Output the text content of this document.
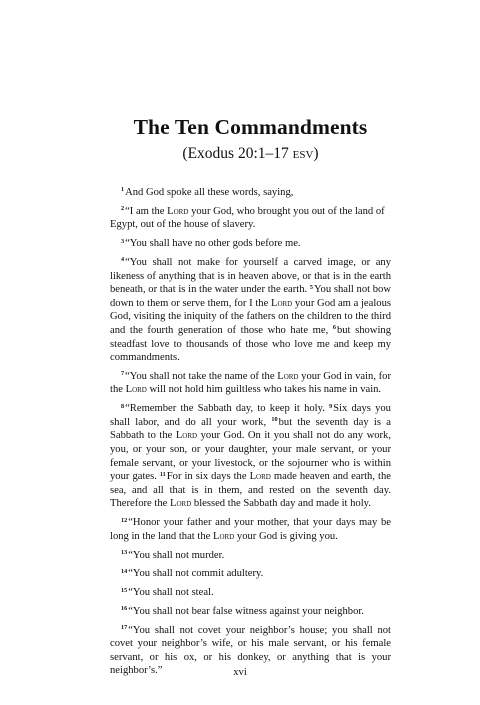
The Ten Commandments

(Exodus 20:1–17 esv)

$^1$And God spoke all these words, saying,

$^2$“I am the Lord your God, who brought you out of the land of Egypt, out of the house of slavery.

$^3$“You shall have no other gods before me.

$^4$“You shall not make for yourself a carved image, or any likeness of anything that is in heaven above, or that is in the earth beneath, or that is in the water under the earth. $^5$You shall not bow down to them or serve them, for I the Lord your God am a jealous God, visiting the iniquity of the fathers on the children to the third and the fourth generation of those who hate me, $^6$but showing steadfast love to thousands of those who love me and keep my commandments.

$^7$“You shall not take the name of the Lord your God in vain, for the Lord will not hold him guiltless who takes his name in vain.

$^8$“Remember the Sabbath day, to keep it holy. $^9$Six days you shall labor, and do all your work, $^{10}$but the seventh day is a Sabbath to the Lord your God. On it you shall not do any work, you, or your son, or your daughter, your male servant, or your female servant, or your livestock, or the sojourner who is within your gates. $^{11}$For in six days the Lord made heaven and earth, the sea, and all that is in them, and rested on the seventh day. Therefore the Lord blessed the Sabbath day and made it holy.

$^{12}$“Honor your father and your mother, that your days may be long in the land that the Lord your God is giving you.

$^{13}$“You shall not murder.

$^{14}$“You shall not commit adultery.

$^{15}$“You shall not steal.

$^{16}$“You shall not bear false witness against your neighbor.

$^{17}$“You shall not covet your neighbor’s house; you shall not covet your neighbor’s wife, or his male servant, or his female servant, or his ox, or his donkey, or anything that is your neighbor’s.”	xvi
